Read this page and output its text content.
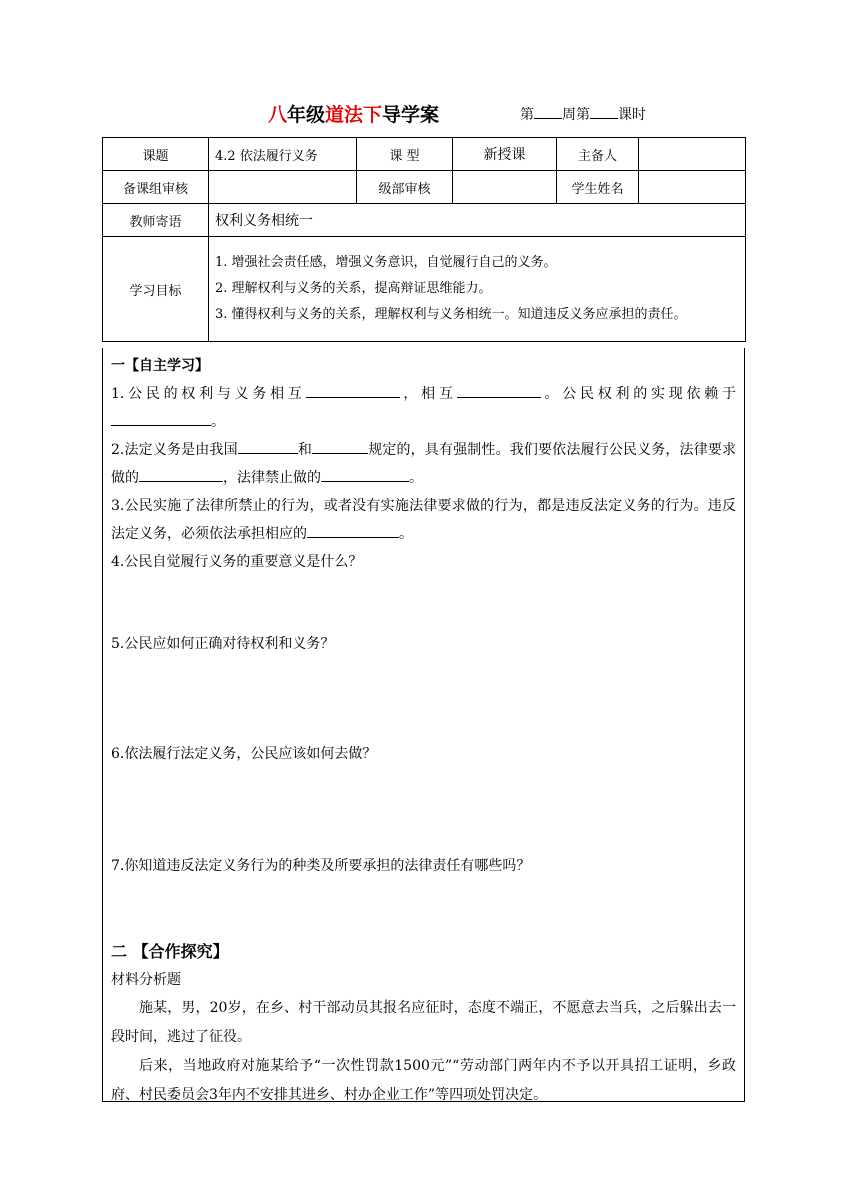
八年级道法下导学案	第 周第 课时
课题	4.2 依法履行义务	课 型	新授课	主备人	
备课组审核		级部审核		学生姓名	
教师寄语	权利义务相统一				
学习目标	1. 增强社会责任感，增强义务意识，自觉履行自己的义务。
2. 理解权利与义务的关系，提高辩证思维能力。
3. 懂得权利与义务的关系，理解权利与义务相统一。知道违反义务应承担的责任。				
一【自主学习】
1.公民的权利与义务相互	，相互	。公民权利的实现依赖于。
2.法定义务是由我国	和	规定的，具有强制性。我们要依法履行公民义务，法律要求做的	，法律禁止做的	。
3.公民实施了法律所禁止的行为，或者没有实施法律要求做的行为，都是违反法定义务的行为。违反法定义务，必须依法承担相应的	。
4.公民自觉履行义务的重要意义是什么？
5.公民应如何正确对待权利和义务？
6.依法履行法定义务，公民应该如何去做？
7.你知道违反法定义务行为的种类及所要承担的法律责任有哪些吗？
二 【合作探究】
材料分析题
施某，男，20岁，在乡、村干部动员其报名应征时，态度不端正，不愿意去当兵，之后躲出去一段时间，逃过了征役。
后来，当地政府对施某给予“一次性罚款1500元”“劳动部门两年内不予以开具招工证明，乡政府、村民委员会3年内不安排其进乡、村办企业工作”等四项处罚决定。
